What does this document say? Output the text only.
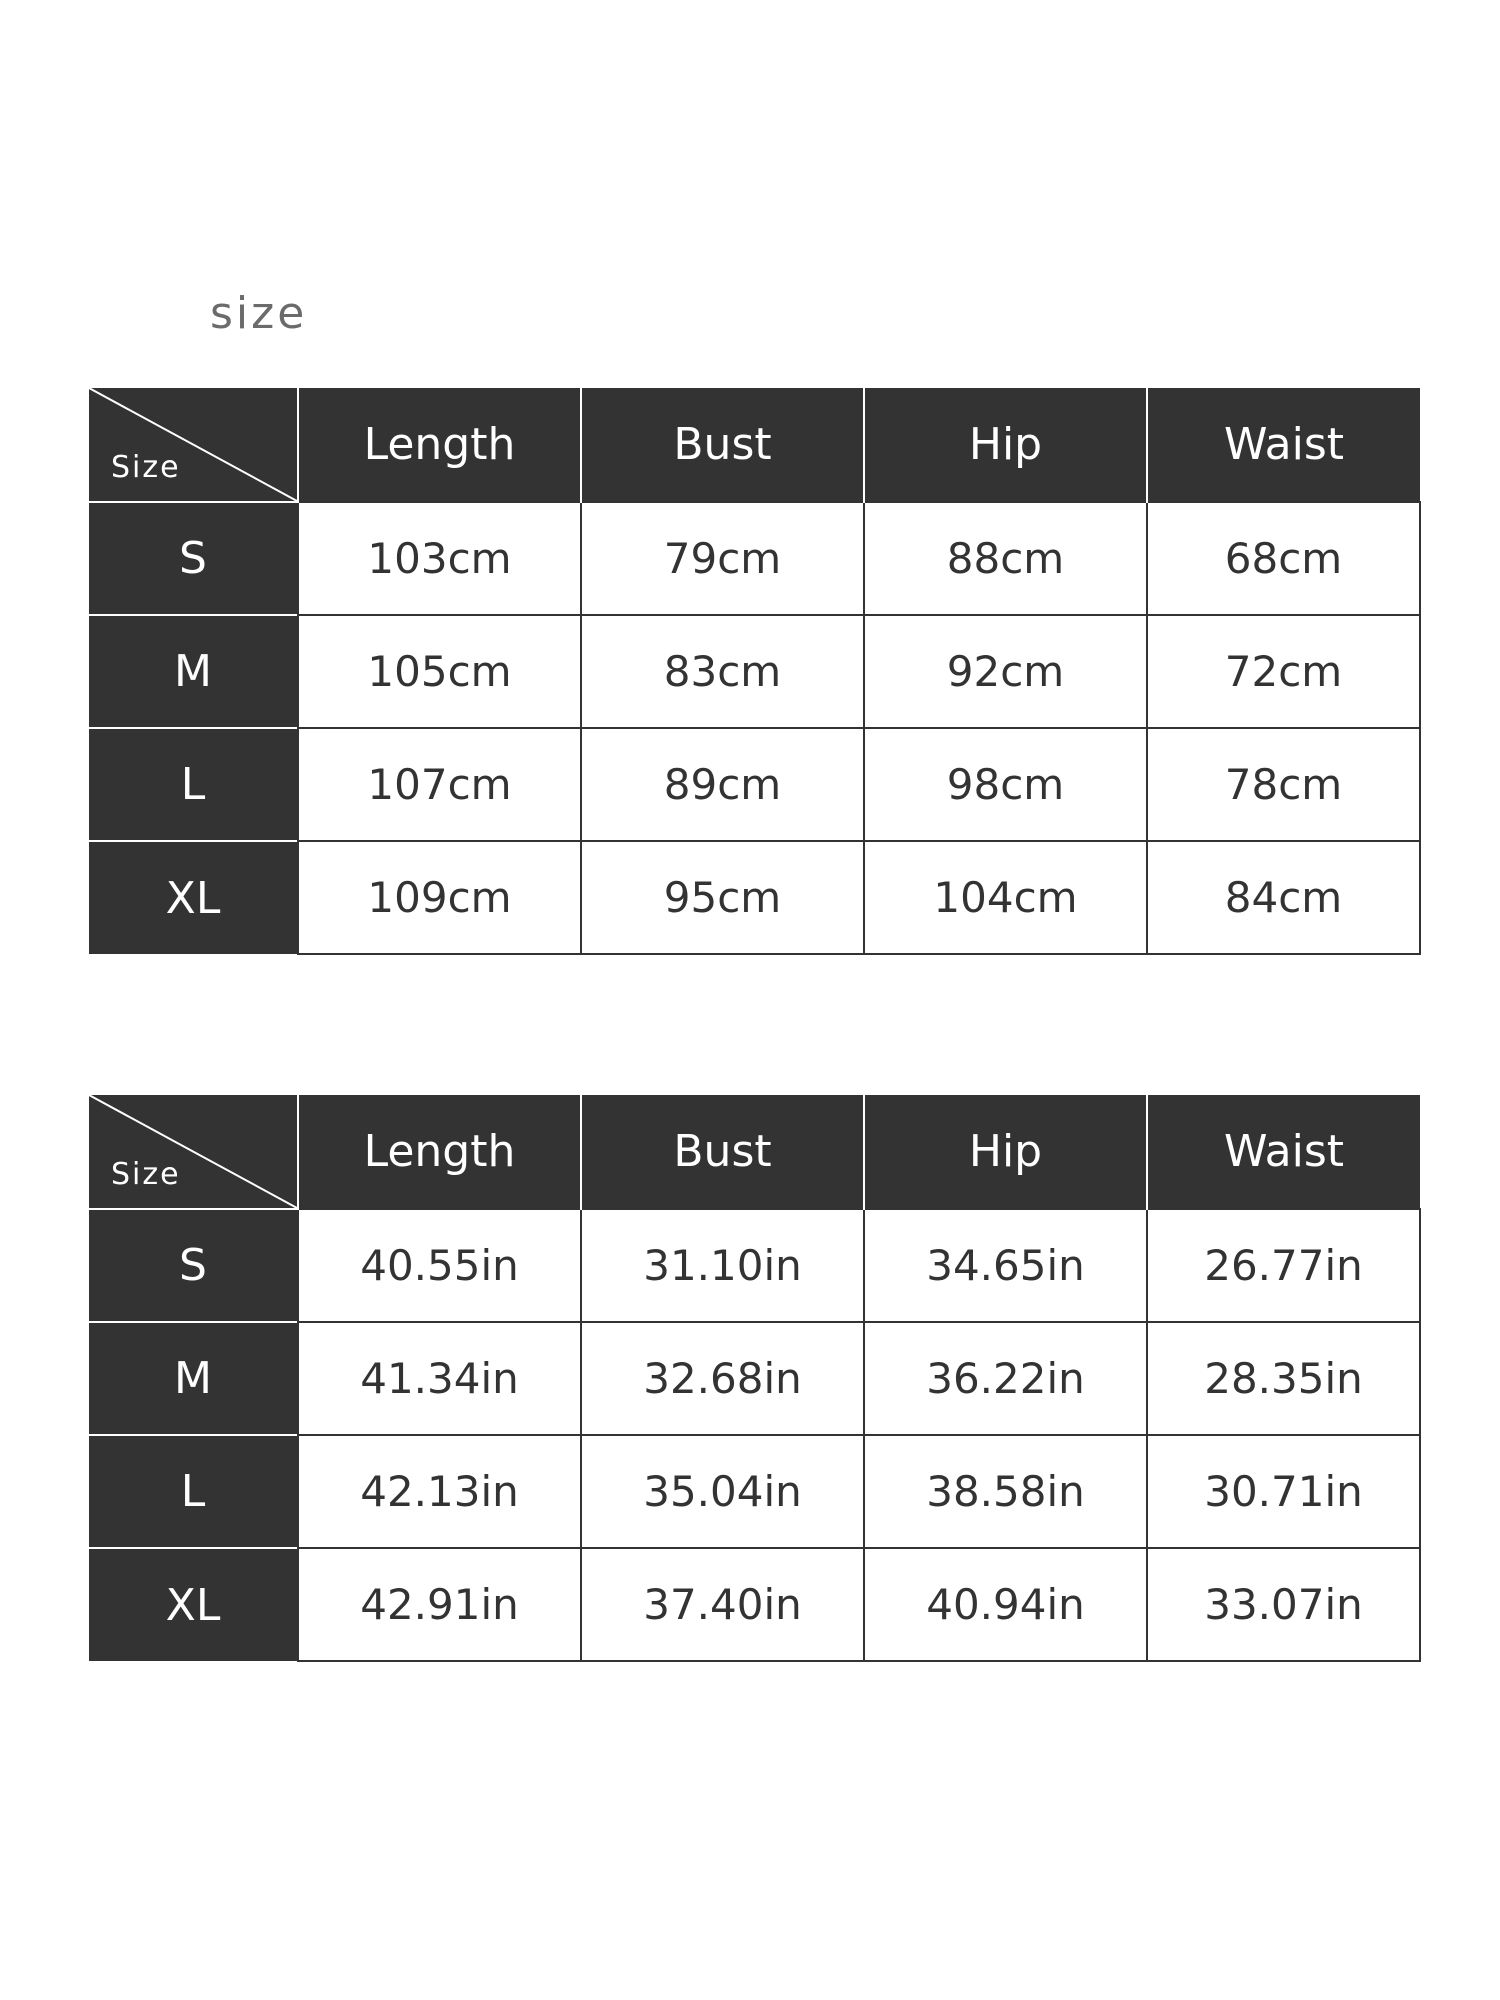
size
Size	Length	Bust	Hip	Waist
S	103cm	79cm	88cm	68cm
M	105cm	83cm	92cm	72cm
L	107cm	89cm	98cm	78cm
XL	109cm	95cm	104cm	84cm
Size	Length	Bust	Hip	Waist
S	40.55in	31.10in	34.65in	26.77in
M	41.34in	32.68in	36.22in	28.35in
L	42.13in	35.04in	38.58in	30.71in
XL	42.91in	37.40in	40.94in	33.07in
